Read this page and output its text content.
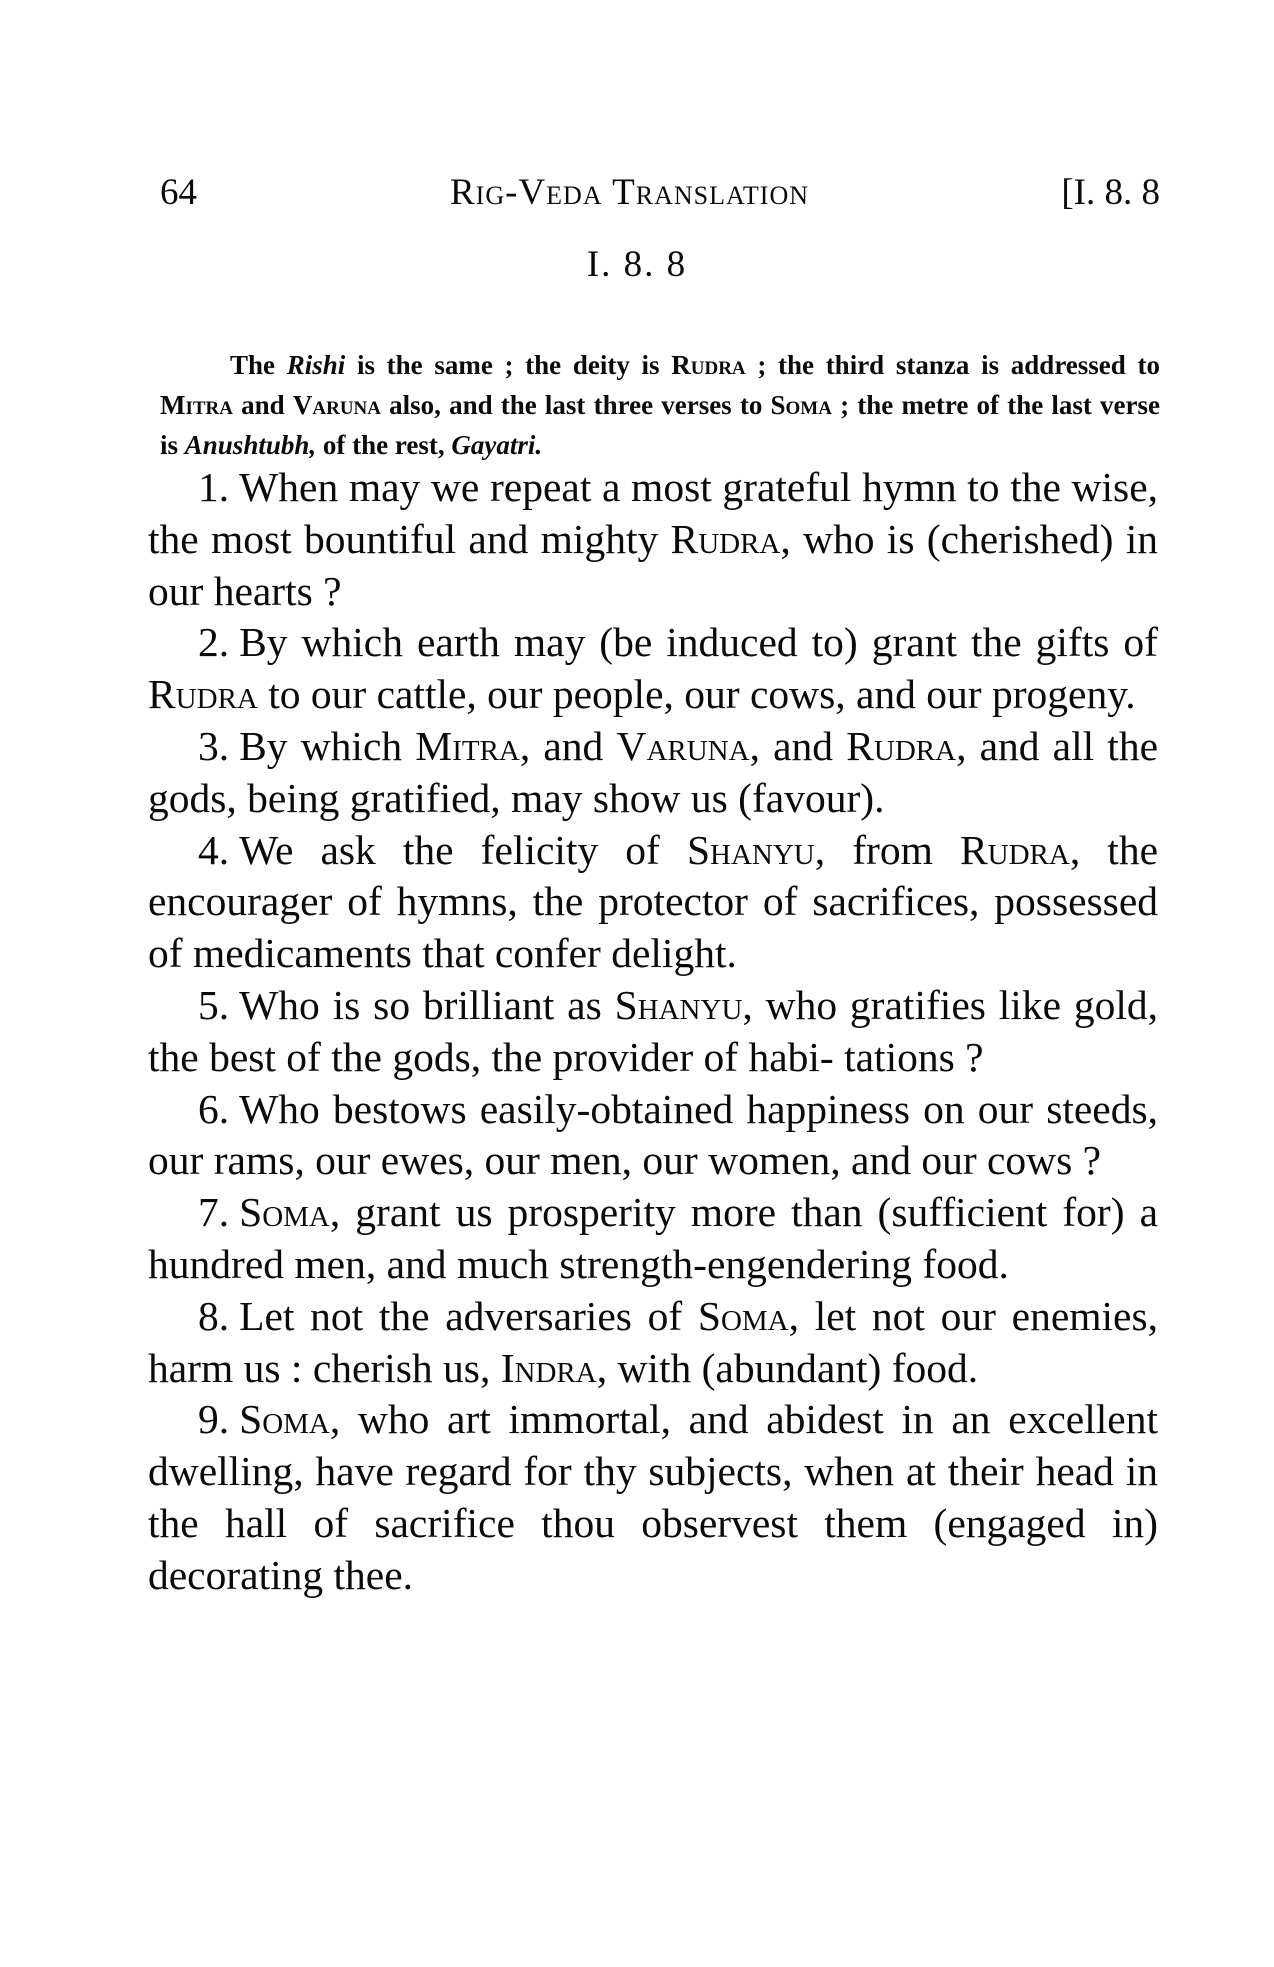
64	Rig-Veda Translation	[I. 8. 8
I. 8. 8

The Rishi is the same ; the deity is Rudra ; the third stanza is addressed to Mitra and Varuna also, and the last three verses to Soma ; the metre of the last verse is Anushtubh, of the rest, Gayatri.

1. When may we repeat a most grateful hymn to the wise, the most bountiful and mighty Rudra, who is (cherished) in our hearts ?

2. By which earth may (be induced to) grant the gifts of Rudra to our cattle, our people, our cows, and our progeny.

3. By which Mitra, and Varuna, and Rudra, and all the gods, being gratified, may show us (favour).

4. We ask the felicity of Shanyu, from Rudra, the encourager of hymns, the protector of sacrifices, possessed of medicaments that confer delight.

5. Who is so brilliant as Shanyu, who gratifies like gold, the best of the gods, the provider of habi- tations ?

6. Who bestows easily-obtained happiness on our steeds, our rams, our ewes, our men, our women, and our cows ?

7. Soma, grant us prosperity more than (sufficient for) a hundred men, and much strength-engendering food.

8. Let not the adversaries of Soma, let not our enemies, harm us : cherish us, Indra, with (abundant) food.

9. Soma, who art immortal, and abidest in an excellent dwelling, have regard for thy subjects, when at their head in the hall of sacrifice thou observest them (engaged in) decorating thee.
